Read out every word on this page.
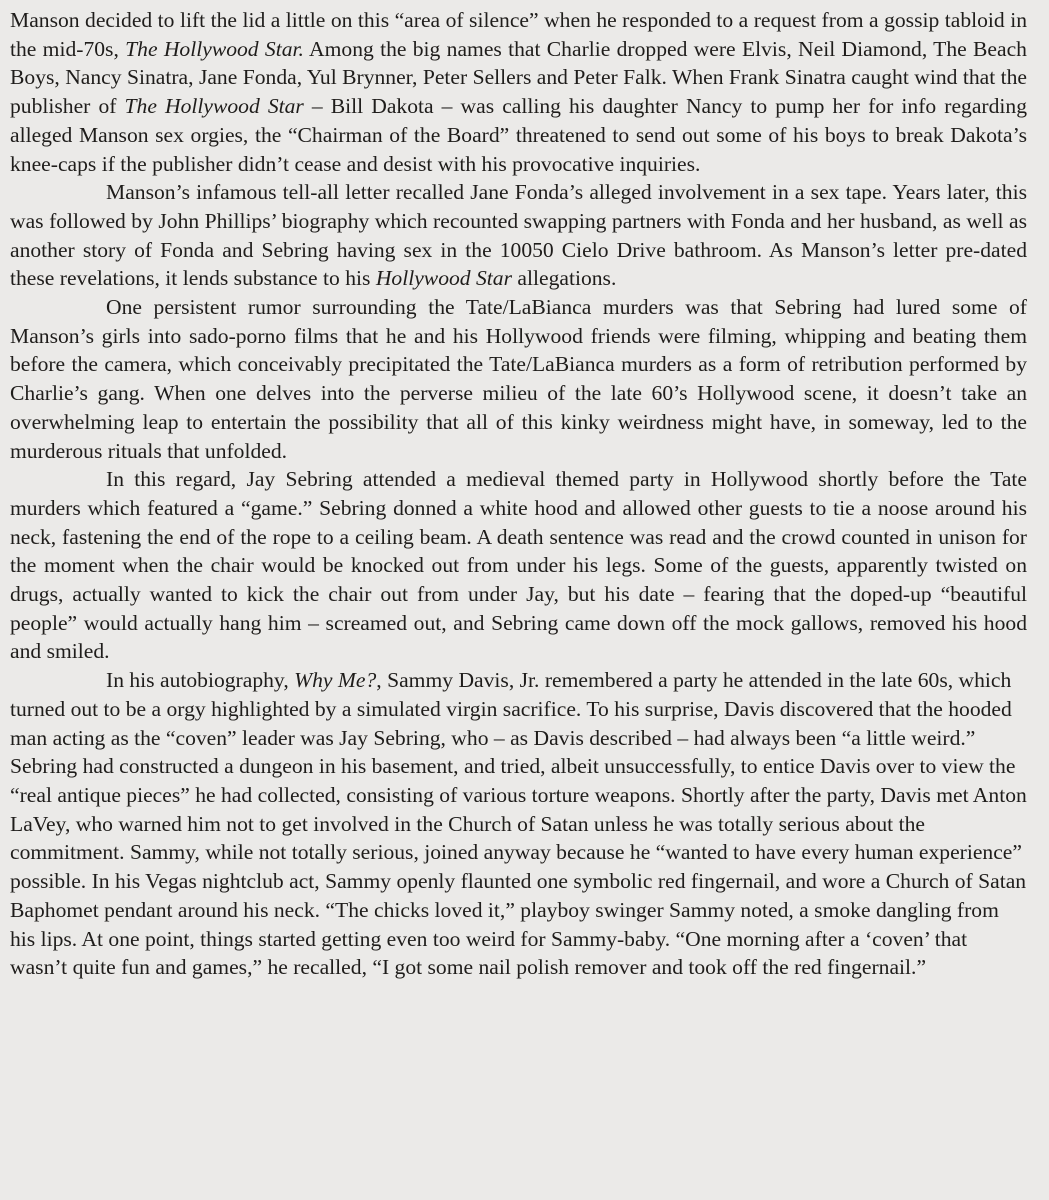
Manson decided to lift the lid a little on this “area of silence” when he responded to a request from a gossip tabloid in the mid-70s, The Hollywood Star. Among the big names that Charlie dropped were Elvis, Neil Diamond, The Beach Boys, Nancy Sinatra, Jane Fonda, Yul Brynner, Peter Sellers and Peter Falk. When Frank Sinatra caught wind that the publisher of The Hollywood Star – Bill Dakota – was calling his daughter Nancy to pump her for info regarding alleged Manson sex orgies, the “Chairman of the Board” threatened to send out some of his boys to break Dakota’s knee-caps if the publisher didn’t cease and desist with his provocative inquiries.

Manson’s infamous tell-all letter recalled Jane Fonda’s alleged involvement in a sex tape. Years later, this was followed by John Phillips’ biography which recounted swapping partners with Fonda and her husband, as well as another story of Fonda and Sebring having sex in the 10050 Cielo Drive bathroom. As Manson’s letter pre-dated these revelations, it lends substance to his Hollywood Star allegations.

One persistent rumor surrounding the Tate/LaBianca murders was that Sebring had lured some of Manson’s girls into sado-porno films that he and his Hollywood friends were filming, whipping and beating them before the camera, which conceivably precipitated the Tate/LaBianca murders as a form of retribution performed by Charlie’s gang. When one delves into the perverse milieu of the late 60’s Hollywood scene, it doesn’t take an overwhelming leap to entertain the possibility that all of this kinky weirdness might have, in someway, led to the murderous rituals that unfolded.

In this regard, Jay Sebring attended a medieval themed party in Hollywood shortly before the Tate murders which featured a “game.” Sebring donned a white hood and allowed other guests to tie a noose around his neck, fastening the end of the rope to a ceiling beam. A death sentence was read and the crowd counted in unison for the moment when the chair would be knocked out from under his legs. Some of the guests, apparently twisted on drugs, actually wanted to kick the chair out from under Jay, but his date – fearing that the doped-up “beautiful people” would actually hang him – screamed out, and Sebring came down off the mock gallows, removed his hood and smiled.

In his autobiography, Why Me?, Sammy Davis, Jr. remembered a party he attended in the late 60s, which turned out to be a orgy highlighted by a simulated virgin sacrifice. To his surprise, Davis discovered that the hooded man acting as the “coven” leader was Jay Sebring, who – as Davis described – had always been “a little weird.” Sebring had constructed a dungeon in his basement, and tried, albeit unsuccessfully, to entice Davis over to view the “real antique pieces” he had collected, consisting of various torture weapons. Shortly after the party, Davis met Anton LaVey, who warned him not to get involved in the Church of Satan unless he was totally serious about the commitment. Sammy, while not totally serious, joined anyway because he “wanted to have every human experience” possible. In his Vegas nightclub act, Sammy openly flaunted one symbolic red fingernail, and wore a Church of Satan Baphomet pendant around his neck. “The chicks loved it,” playboy swinger Sammy noted, a smoke dangling from his lips. At one point, things started getting even too weird for Sammy-baby. “One morning after a ‘coven’ that wasn’t quite fun and games,” he recalled, “I got some nail polish remover and took off the red fingernail.”
